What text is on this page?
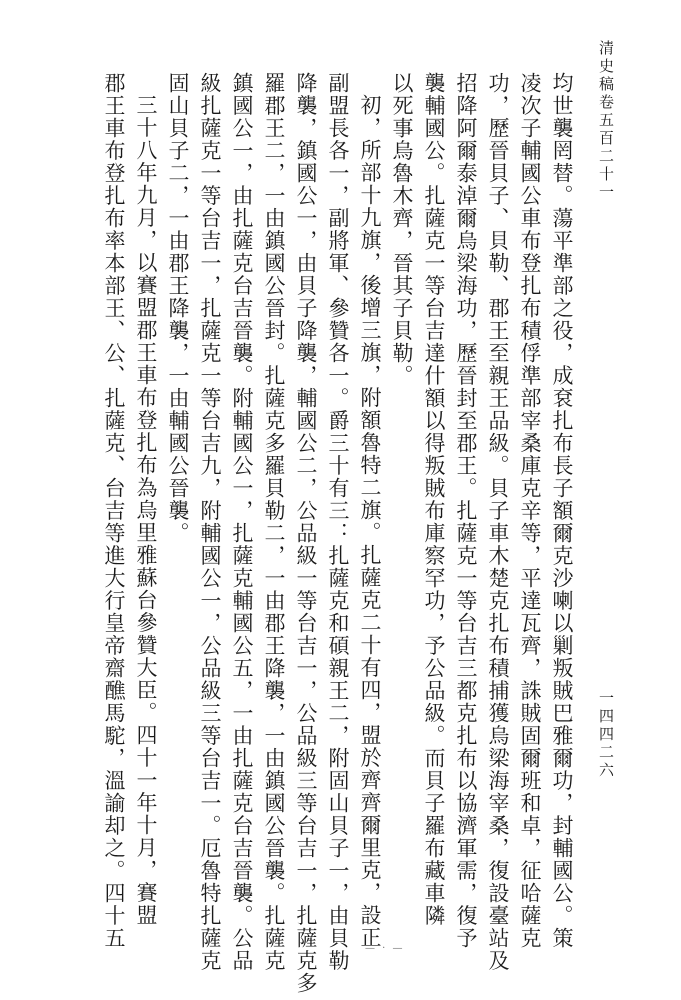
清史稿卷五百二十一
一四四二六
均世襲罔替。蕩平準部之役，成袞扎布長子額爾克沙喇以剿叛賊巴雅爾功，封輔國公。策
凌次子輔國公車布登扎布積俘準部宰桑庫克辛等，平達瓦齊，誅賊固爾班和卓，征哈薩克
功，歷晉貝子、貝勒、郡王至親王品級。貝子車木楚克扎布積捕獲烏梁海宰桑，復設臺站及
招降阿爾泰淖爾烏梁海功，歷晉封至郡王。扎薩克一等台吉三都克扎布以協濟軍需，復予
襲輔國公。扎薩克一等台吉達什額以得叛賊布庫察罕功，予公品級。而貝子羅布藏車隣
以死事烏魯木齊，晉其子貝勒。
初，所部十九旗，後增三旗，附額魯特二旗。扎薩克二十有四，盟於齊齊爾里克，設正
副盟長各一，副將軍、參贊各一。爵三十有三：扎薩克和碩親王二，附固山貝子一，由貝勒
降襲，鎮國公一，由貝子降襲，輔國公二，公品級一等台吉一，公品級三等台吉一，扎薩克多
羅郡王二，一由鎮國公晉封。扎薩克多羅貝勒二，一由郡王降襲，一由鎮國公晉襲。扎薩克
鎮國公一，由扎薩克台吉晉襲。附輔國公一，扎薩克輔國公五，一由扎薩克台吉晉襲。公品
級扎薩克一等台吉一，扎薩克一等台吉九，附輔國公一，公品級三等台吉一。厄魯特扎薩克
固山貝子二，一由郡王降襲，一由輔國公晉襲。
三十八年九月，以賽盟郡王車布登扎布為烏里雅蘇台參贊大臣。四十一年十月，賽盟
郡王車布登扎布率本部王、公、扎薩克、台吉等進大行皇帝齋醮馬駝，溫諭却之。四十五	— · —
